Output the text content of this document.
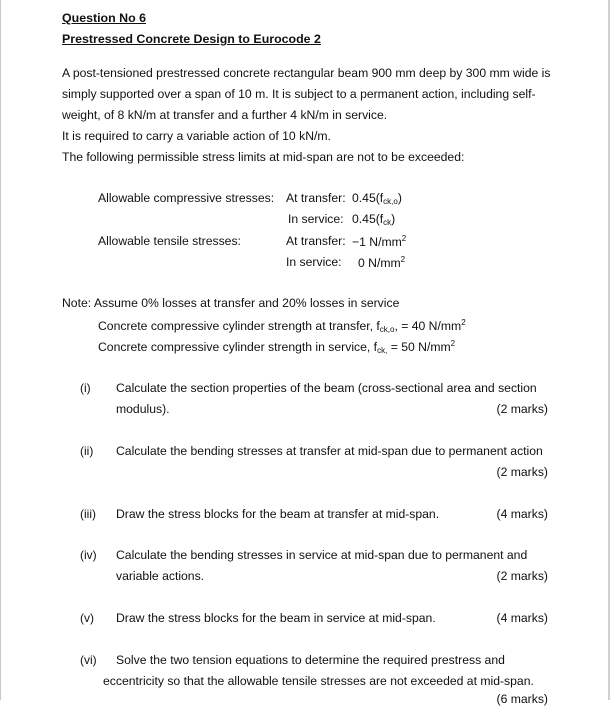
Question No 6
Prestressed Concrete Design to Eurocode 2
A post-tensioned prestressed concrete rectangular beam 900 mm deep by 300 mm wide is
simply supported over a span of 10 m. It is subject to a permanent action, including self-
weight, of 8 kN/m at transfer and a further 4 kN/m in service.
It is required to carry a variable action of 10 kN/m.
The following permissible stress limits at mid-span are not to be exceeded:
Allowable compressive stresses: At transfer: $0.45(f_{ck,o})$
In service: $0.45(f_{ck})$
Allowable tensile stresses:	At transfer: −1 $N/mm^2$
In service: 0 $N/mm^2$
Note: Assume 0% losses at transfer and 20% losses in service
Concrete compressive cylinder strength at transfer, $f_{ck,o}$, = 40 $N/mm^2$
Concrete compressive cylinder strength in service, $f_{ck,} = 50$ $N/mm^2$
(i) Calculate the section properties of the beam (cross-sectional area and section
modulus).	(2 marks)
(ii) Calculate the bending stresses at transfer at mid-span due to permanent action
(2 marks)
(iii) Draw the stress blocks for the beam at transfer at mid-span.	(4 marks)
(iv) Calculate the bending stresses in service at mid-span due to permanent and
variable actions.	(2 marks)
(v) Draw the stress blocks for the beam in service at mid-span.	(4 marks)
(vi) Solve the two tension equations to determine the required prestress and
eccentricity so that the allowable tensile stresses are not exceeded at mid-span.
(6 marks)
